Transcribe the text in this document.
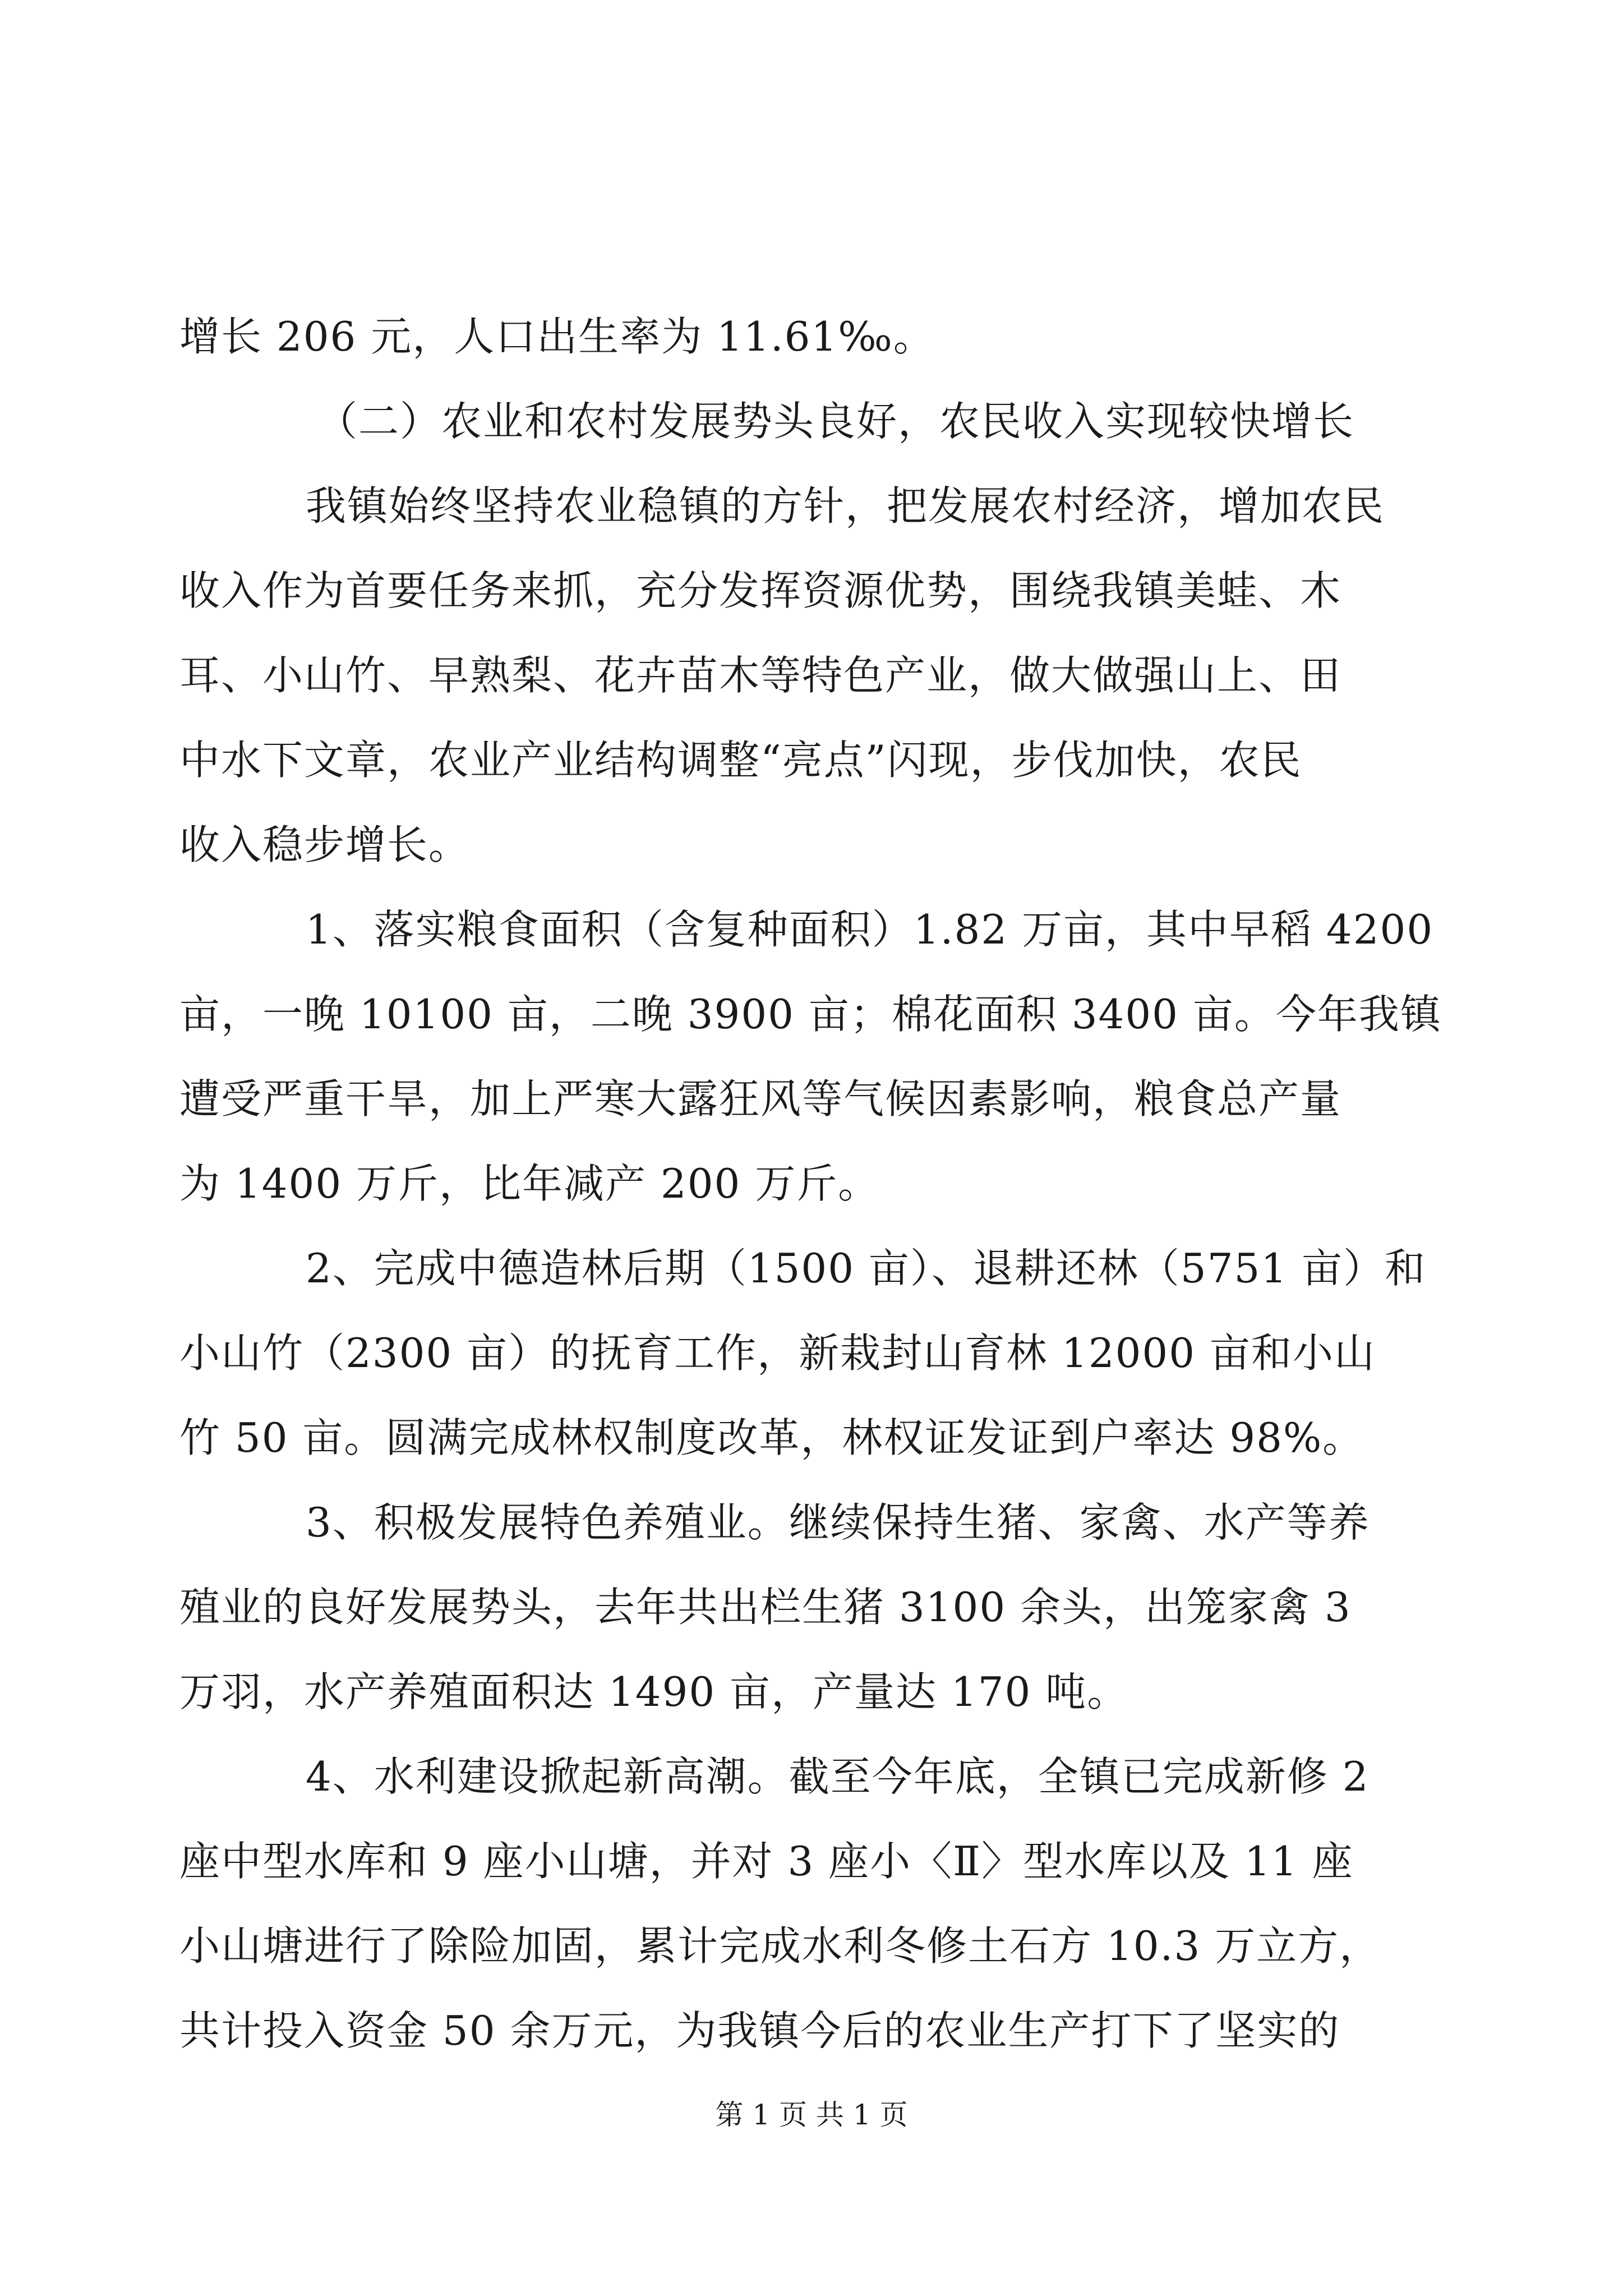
增长 206 元，人口出生率为 11.61‰。
（二）农业和农村发展势头良好，农民收入实现较快增长
我镇始终坚持农业稳镇的方针，把发展农村经济，增加农民
收入作为首要任务来抓，充分发挥资源优势，围绕我镇美蛙、木
耳、小山竹、早熟梨、花卉苗木等特色产业，做大做强山上、田
中水下文章，农业产业结构调整“亮点”闪现，步伐加快，农民
收入稳步增长。
1、落实粮食面积（含复种面积）1.82 万亩，其中早稻 4200
亩，一晚 10100 亩，二晚 3900 亩；棉花面积 3400 亩。今年我镇
遭受严重干旱，加上严寒大露狂风等气候因素影响，粮食总产量
为 1400 万斤，比年减产 200 万斤。
2、完成中德造林后期（1500 亩）、退耕还林（5751 亩）和
小山竹（2300 亩）的抚育工作，新栽封山育林 12000 亩和小山
竹 50 亩。圆满完成林权制度改革，林权证发证到户率达 98%。
3、积极发展特色养殖业。继续保持生猪、家禽、水产等养
殖业的良好发展势头，去年共出栏生猪 3100 余头，出笼家禽 3
万羽，水产养殖面积达 1490 亩，产量达 170 吨。
4、水利建设掀起新高潮。截至今年底，全镇已完成新修 2
座中型水库和 9 座小山塘，并对 3 座小〈Ⅱ〉型水库以及 11 座
小山塘进行了除险加固，累计完成水利冬修土石方 10.3 万立方，
共计投入资金 50 余万元，为我镇今后的农业生产打下了坚实的
第 1 页 共 1 页
